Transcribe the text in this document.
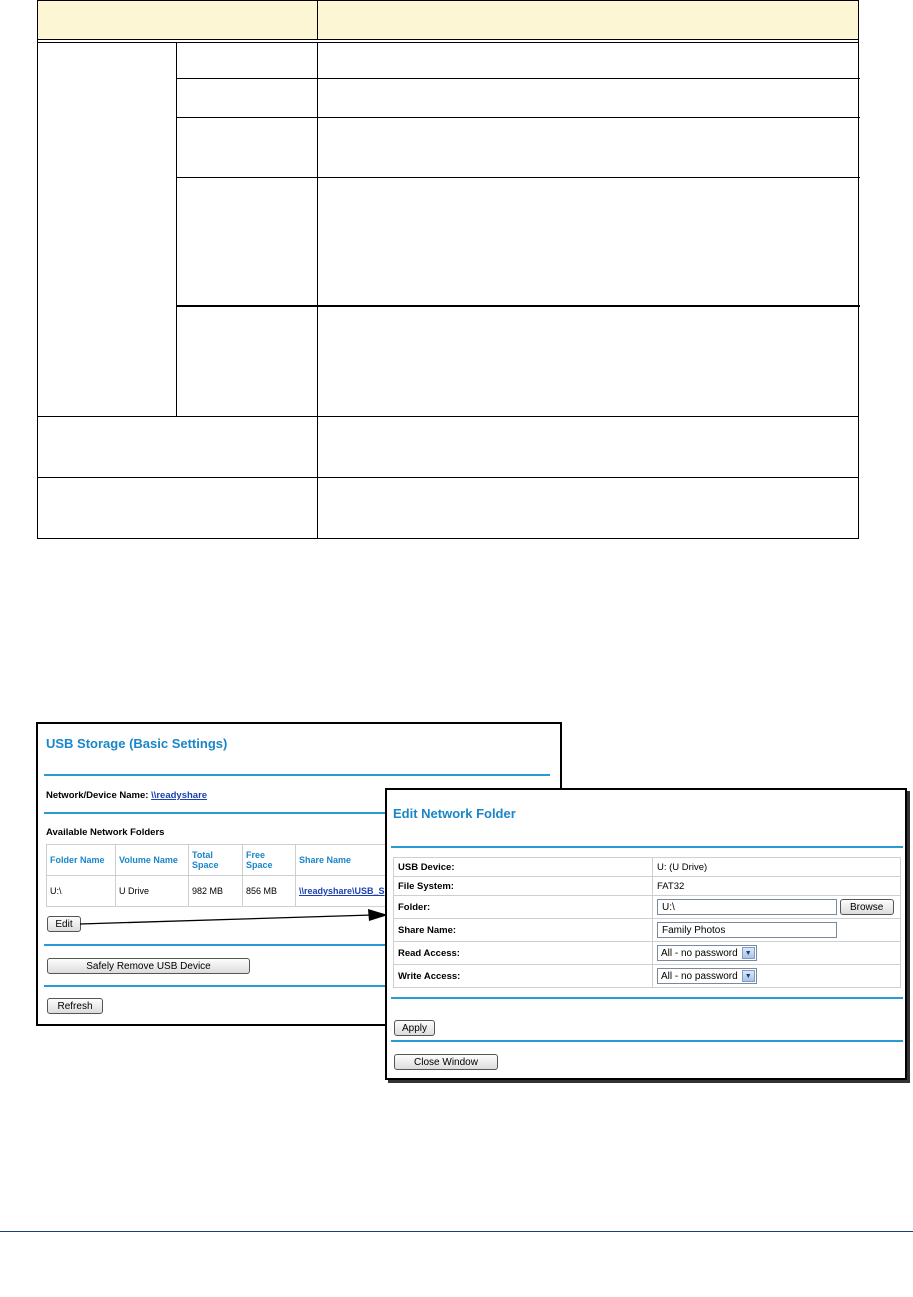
USB Storage (Basic Settings)
Network/Device Name: \\readyshare
Available Network Folders
Folder Name	Volume Name	Total Space	Free Space	Share Name
U:\	U Drive	982 MB	856 MB	\\readyshare\USB_S
Edit
Safely Remove USB Device
Refresh
Edit Network Folder
USB Device:	U: (U Drive)
File System:	FAT32
Folder:	U:\ Browse
Share Name:	Family Photos
Read Access:	All - no password ▼

Write Access:	All - no password ▼
Apply
Close Window
